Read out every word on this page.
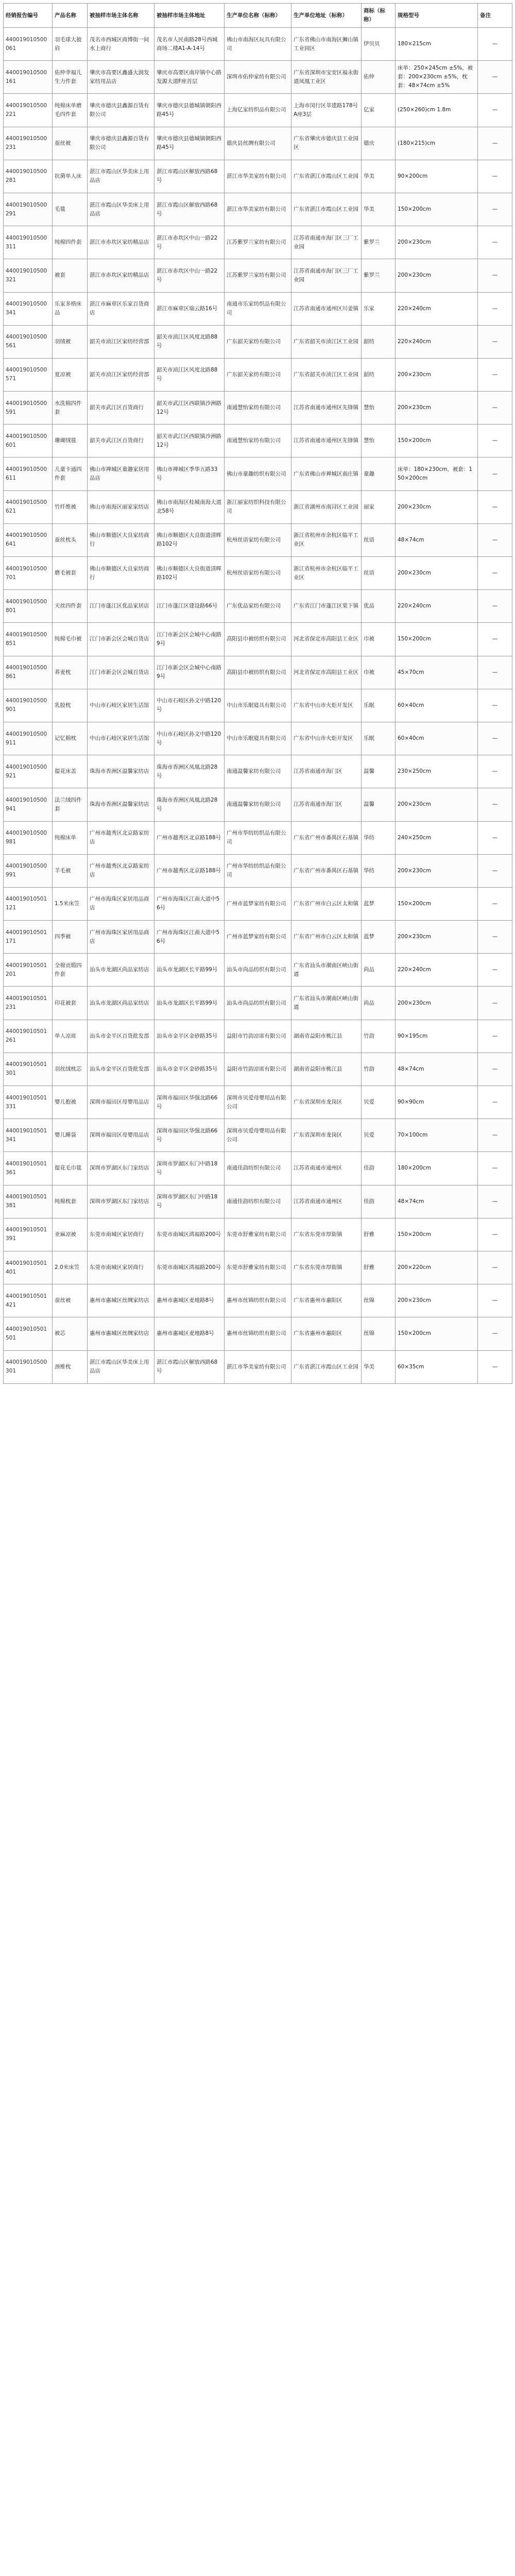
经销报告编号	产品名称	被抽样市场主体名称	被抽样市场主体地址	生产单位名称（标称）	生产单位地址（标称）	商标（标称）	规格型号	备注
440019010500061	羽毛球大披肩	茂名市西城区商博街一间水上商行	茂名市人民南路28号西城商场二楼A1-A-14号	佛山市南海区玩具有限公司	广东省佛山市南海区狮山镇工业园区	伊贝贝	180×215cm	—
440019010500161	佑仲幸福儿生力件套	肇庆市高要区鑫盛大润发家纺用品店	肇庆市高要区南岸镇中心路发源大道F座首层	深圳市佑仲家纺有限公司	广东省深圳市宝安区福永街道凤凰工业区	佑仲	床单：250×245cm ±5%，被套：200×230cm ±5%，枕套：48×74cm ±5%	—
440019010500221	纯棉床单磨毛四件套	肇庆市德庆县鑫源百货有限公司	肇庆市德庆县德城镇朝阳西路45号	上海亿家纺织品有限公司	上海市闵行区莘建路178号A座3层	亿家	(250×260)cm 1.8m	—
440019010500231	蚕丝被	肇庆市德庆县鑫源百货有限公司	肇庆市德庆县德城镇朝阳西路45号	德庆县丝绸有限公司	广东省肇庆市德庆县工业园区	德庆	(180×215)cm	—
440019010500281	抗菌单人床	湛江市霞山区华美床上用品店	湛江市霞山区解放西路68号	湛江市华美家纺有限公司	广东省湛江市霞山区工业园	华美	90×200cm	—
440019010500291	毛毯	湛江市霞山区华美床上用品店	湛江市霞山区解放西路68号	湛江市华美家纺有限公司	广东省湛江市霞山区工业园	华美	150×200cm	—
440019010500311	纯棉四件套	湛江市赤坎区家纺精品店	湛江市赤坎区中山一路22号	江苏紫罗兰家纺有限公司	江苏省南通市海门区三厂工业园	紫罗兰	200×230cm	—
440019010500321	被套	湛江市赤坎区家纺精品店	湛江市赤坎区中山一路22号	江苏紫罗兰家纺有限公司	江苏省南通市海门区三厂工业园	紫罗兰	200×230cm	—
440019010500341	乐家多格床品	湛江市麻章区乐家百货商店	湛江市麻章区瑞云路16号	南通市乐家纺织品有限公司	江苏省南通市通州区川姜镇	乐家	220×240cm	—
440019010500561	羽绒被	韶关市浈江区家纺经营部	韶关市浈江区风度北路88号	广东韶关家纺有限公司	广东省韶关市浈江区工业园	韶纺	220×240cm	—
440019010500571	夏凉被	韶关市浈江区家纺经营部	韶关市浈江区风度北路88号	广东韶关家纺有限公司	广东省韶关市浈江区工业园	韶纺	200×230cm	—
440019010500591	水洗棉四件套	韶关市武江区百货商行	韶关市武江区西联镇沙洲路12号	南通慧怡家纺有限公司	江苏省南通市通州区先锋镇	慧怡	200×230cm	—
440019010500601	珊瑚绒毯	韶关市武江区百货商行	韶关市武江区西联镇沙洲路12号	南通慧怡家纺有限公司	江苏省南通市通州区先锋镇	慧怡	150×200cm	—
440019010500611	儿童卡通四件套	佛山市禅城区童趣家居用品店	佛山市禅城区季华五路33号	佛山市童趣纺织有限公司	广东省佛山市禅城区南庄镇	童趣	床单：180×230cm，被套：150×200cm	—
440019010500621	竹纤维被	佛山市南海区丽家家纺店	佛山市南海区桂城南海大道北58号	浙江丽家纺织科技有限公司	浙江省湖州市南浔区工业园	丽家	200×230cm	—
440019010500641	蚕丝枕头	佛山市顺德区大良家纺商行	佛山市顺德区大良街道清晖路102号	杭州丝语家纺有限公司	浙江省杭州市余杭区临平工业区	丝语	48×74cm	—
440019010500701	磨毛被套	佛山市顺德区大良家纺商行	佛山市顺德区大良街道清晖路102号	杭州丝语家纺有限公司	浙江省杭州市余杭区临平工业区	丝语	200×230cm	—
440019010500801	天丝四件套	江门市蓬江区优品家居店	江门市蓬江区建设路66号	广东优品家纺有限公司	广东省江门市蓬江区棠下镇	优品	220×240cm	—
440019010500851	纯棉毛巾被	江门市新会区会城百货店	江门市新会区会城中心南路9号	高阳县巾被纺织有限公司	河北省保定市高阳县工业区	巾被	150×200cm	—
440019010500861	荞麦枕	江门市新会区会城百货店	江门市新会区会城中心南路9号	高阳县巾被纺织有限公司	河北省保定市高阳县工业区	巾被	45×70cm	—
440019010500901	乳胶枕	中山市石岐区家居生活馆	中山市石岐区孙文中路120号	中山市乐眠寝具有限公司	广东省中山市火炬开发区	乐眠	60×40cm	—
440019010500911	记忆棉枕	中山市石岐区家居生活馆	中山市石岐区孙文中路120号	中山市乐眠寝具有限公司	广东省中山市火炬开发区	乐眠	60×40cm	—
440019010500921	提花床盖	珠海市香洲区温馨家纺店	珠海市香洲区凤凰北路28号	南通温馨家纺有限公司	江苏省南通市海门区	温馨	230×250cm	—
440019010500941	法兰绒四件套	珠海市香洲区温馨家纺店	珠海市香洲区凤凰北路28号	南通温馨家纺有限公司	江苏省南通市海门区	温馨	200×230cm	—
440019010500981	纯棉床单	广州市越秀区北京路家纺店	广州市越秀区北京路188号	广州市华纺纺织品有限公司	广东省广州市番禺区石基镇	华纺	240×250cm	—
440019010500991	羊毛被	广州市越秀区北京路家纺店	广州市越秀区北京路188号	广州市华纺纺织品有限公司	广东省广州市番禺区石基镇	华纺	200×230cm	—
440019010501121	1.5米床笠	广州市海珠区家居用品商店	广州市海珠区江南大道中56号	广州市蓝梦家纺有限公司	广东省广州市白云区太和镇	蓝梦	150×200cm	—
440019010501171	四季被	广州市海珠区家居用品商店	广州市海珠区江南大道中56号	广州市蓝梦家纺有限公司	广东省广州市白云区太和镇	蓝梦	200×230cm	—
440019010501201	全棉贡缎四件套	汕头市龙湖区尚品家纺店	汕头市龙湖区长平路99号	汕头市尚品纺织有限公司	广东省汕头市潮南区峡山街道	尚品	220×240cm	—
440019010501231	印花被套	汕头市龙湖区尚品家纺店	汕头市龙湖区长平路99号	汕头市尚品纺织有限公司	广东省汕头市潮南区峡山街道	尚品	200×230cm	—
440019010501261	单人凉席	汕头市金平区百货批发部	汕头市金平区金砂路35号	益阳市竹韵凉席有限公司	湖南省益阳市桃江县	竹韵	90×195cm	—
440019010501301	羽丝绒枕芯	汕头市金平区百货批发部	汕头市金平区金砂路35号	益阳市竹韵凉席有限公司	湖南省益阳市桃江县	竹韵	48×74cm	—
440019010501331	婴儿抱被	深圳市福田区母婴用品店	深圳市福田区华强北路66号	深圳市贝爱母婴用品有限公司	广东省深圳市龙岗区	贝爱	90×90cm	—
440019010501341	婴儿睡袋	深圳市福田区母婴用品店	深圳市福田区华强北路66号	深圳市贝爱母婴用品有限公司	广东省深圳市龙岗区	贝爱	70×100cm	—
440019010501361	提花毛巾毯	深圳市罗湖区东门家纺店	深圳市罗湖区东门中路18号	南通佳韵纺织有限公司	江苏省南通市通州区	佳韵	180×200cm	—
440019010501381	纯棉枕套	深圳市罗湖区东门家纺店	深圳市罗湖区东门中路18号	南通佳韵纺织有限公司	江苏省南通市通州区	佳韵	48×74cm	—
440019010501391	亚麻凉被	东莞市南城区家居商行	东莞市南城区鸿福路200号	东莞市舒雅家纺有限公司	广东省东莞市厚街镇	舒雅	150×200cm	—
440019010501401	2.0米床笠	东莞市南城区家居商行	东莞市南城区鸿福路200号	东莞市舒雅家纺有限公司	广东省东莞市厚街镇	舒雅	200×220cm	—
440019010501421	蚕丝被	惠州市惠城区丝绸家纺店	惠州市惠城区麦地路8号	惠州市丝锦纺织有限公司	广东省惠州市惠阳区	丝锦	200×230cm	—
440019010501501	被芯	惠州市惠城区丝绸家纺店	惠州市惠城区麦地路8号	惠州市丝锦纺织有限公司	广东省惠州市惠阳区	丝锦	150×200cm	—
440019010500301	颈椎枕	湛江市霞山区华美床上用品店	湛江市霞山区解放西路68号	湛江市华美家纺有限公司	广东省湛江市霞山区工业园	华美	60×35cm	—
